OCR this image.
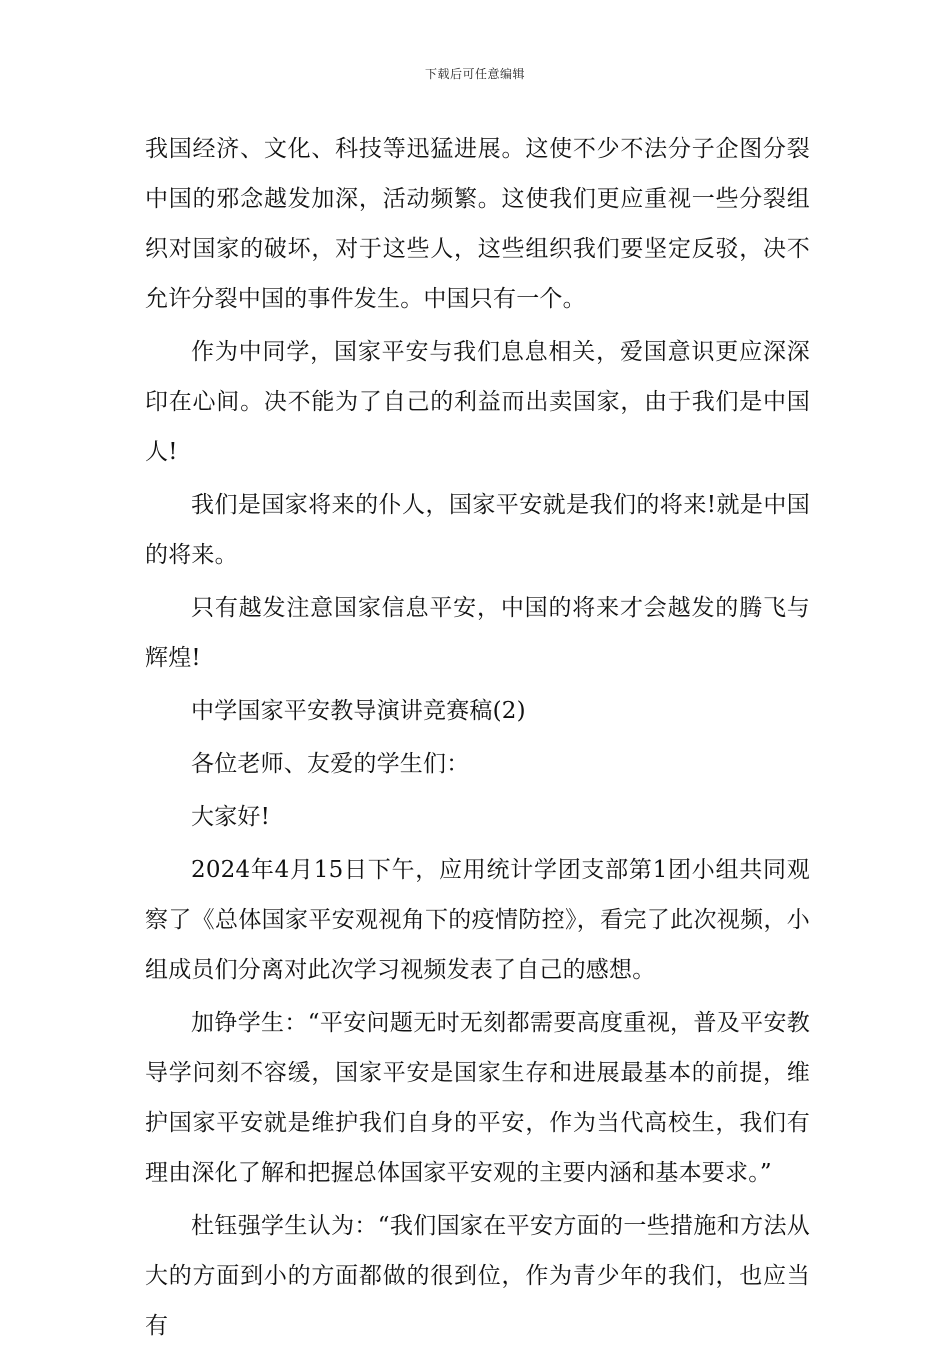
下载后可任意编辑

我国经济、文化、科技等迅猛进展。这使不少不法分子企图分裂中国的邪念越发加深，活动频繁。这使我们更应重视一些分裂组织对国家的破坏，对于这些人，这些组织我们要坚定反驳，决不允许分裂中国的事件发生。中国只有一个。

作为中同学，国家平安与我们息息相关，爱国意识更应深深印在心间。决不能为了自己的利益而出卖国家，由于我们是中国人!

我们是国家将来的仆人，国家平安就是我们的将来!就是中国的将来。

只有越发注意国家信息平安，中国的将来才会越发的腾飞与辉煌!

中学国家平安教导演讲竞赛稿(2)

各位老师、友爱的学生们：

大家好!

2024年4月15日下午，应用统计学团支部第1团小组共同观察了《总体国家平安观视角下的疫情防控》，看完了此次视频，小组成员们分离对此次学习视频发表了自己的感想。

加铮学生：“平安问题无时无刻都需要高度重视，普及平安教导学问刻不容缓，国家平安是国家生存和进展最基本的前提，维护国家平安就是维护我们自身的平安，作为当代高校生，我们有理由深化了解和把握总体国家平安观的主要内涵和基本要求。”

杜钰强学生认为：“我们国家在平安方面的一些措施和方法从大的方面到小的方面都做的很到位，作为青少年的我们，也应当有
